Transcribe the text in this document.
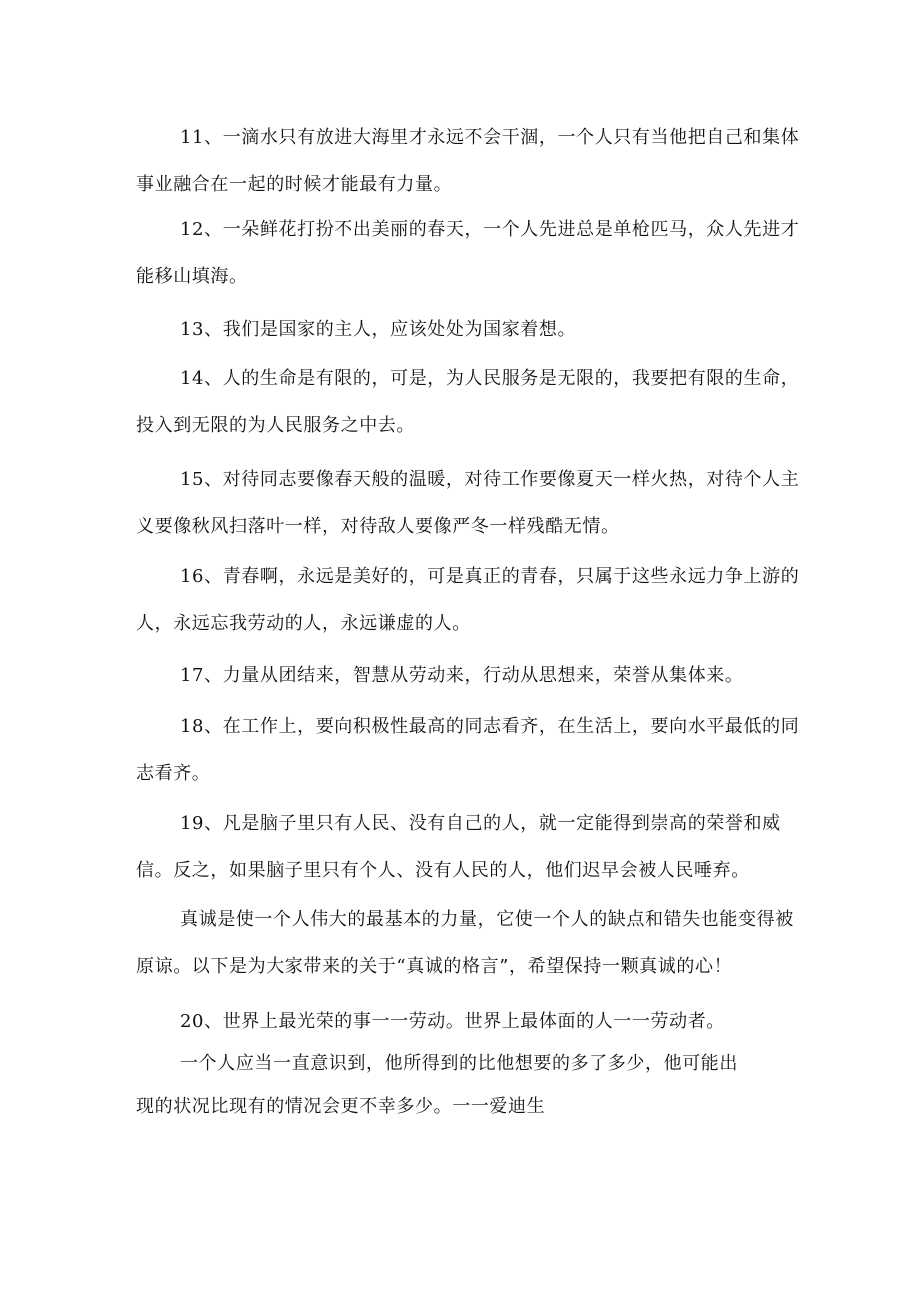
11、一滴水只有放进大海里才永远不会干涸，一个人只有当他把自己和集体事业融合在一起的时候才能最有力量。

12、一朵鲜花打扮不出美丽的春天，一个人先进总是单枪匹马，众人先进才能移山填海。

13、我们是国家的主人，应该处处为国家着想。

14、人的生命是有限的，可是，为人民服务是无限的，我要把有限的生命，投入到无限的为人民服务之中去。

15、对待同志要像春天般的温暖，对待工作要像夏天一样火热，对待个人主义要像秋风扫落叶一样，对待敌人要像严冬一样残酷无情。

16、青春啊，永远是美好的，可是真正的青春，只属于这些永远力争上游的人，永远忘我劳动的人，永远谦虚的人。

17、力量从团结来，智慧从劳动来，行动从思想来，荣誉从集体来。

18、在工作上，要向积极性最高的同志看齐，在生活上，要向水平最低的同志看齐。

19、凡是脑子里只有人民、没有自己的人，就一定能得到崇高的荣誉和威信。反之，如果脑子里只有个人、没有人民的人，他们迟早会被人民唾弃。

真诚是使一个人伟大的最基本的力量，它使一个人的缺点和错失也能变得被原谅。以下是为大家带来的关于“真诚的格言”，希望保持一颗真诚的心！

20、世界上最光荣的事一一劳动。世界上最体面的人一一劳动者。

一个人应当一直意识到，他所得到的比他想要的多了多少，他可能出现的状况比现有的情况会更不幸多少。一一爱迪生
